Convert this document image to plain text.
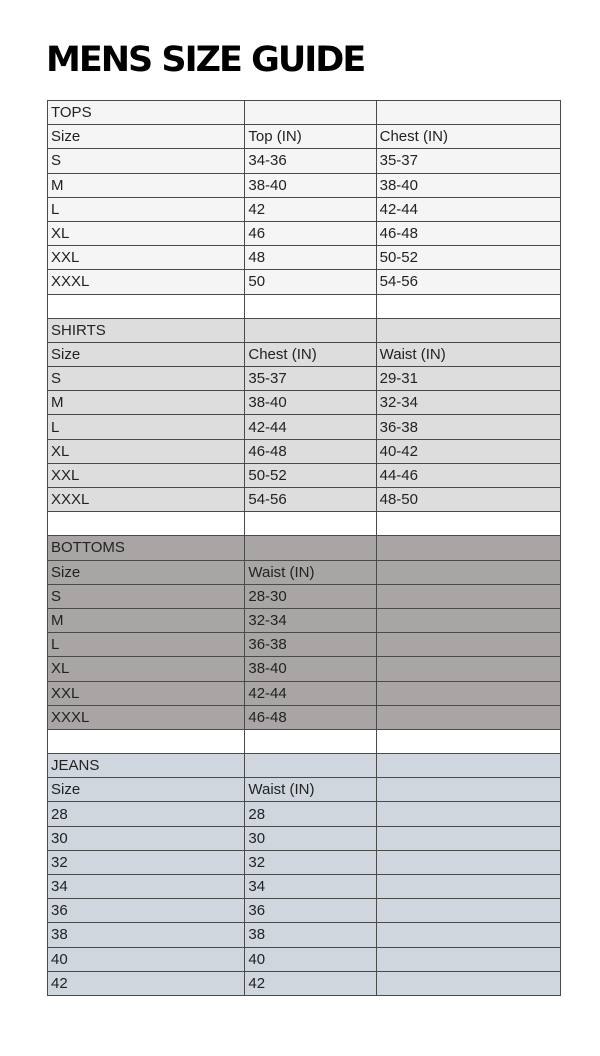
MENS SIZE GUIDE
TOPS		
Size	Top (IN)	Chest (IN)
S	34-36	35-37
M	38-40	38-40
L	42	42-44
XL	46	46-48
XXL	48	50-52
XXXL	50	54-56

SHIRTS		
Size	Chest (IN)	Waist (IN)
S	35-37	29-31
M	38-40	32-34
L	42-44	36-38
XL	46-48	40-42
XXL	50-52	44-46
XXXL	54-56	48-50

BOTTOMS		
Size	Waist (IN)	
S	28-30	
M	32-34	
L	36-38	
XL	38-40	
XXL	42-44	
XXXL	46-48	

JEANS		
Size	Waist (IN)	
28	28	
30	30	
32	32	
34	34	
36	36	
38	38	
40	40	
42	42	
